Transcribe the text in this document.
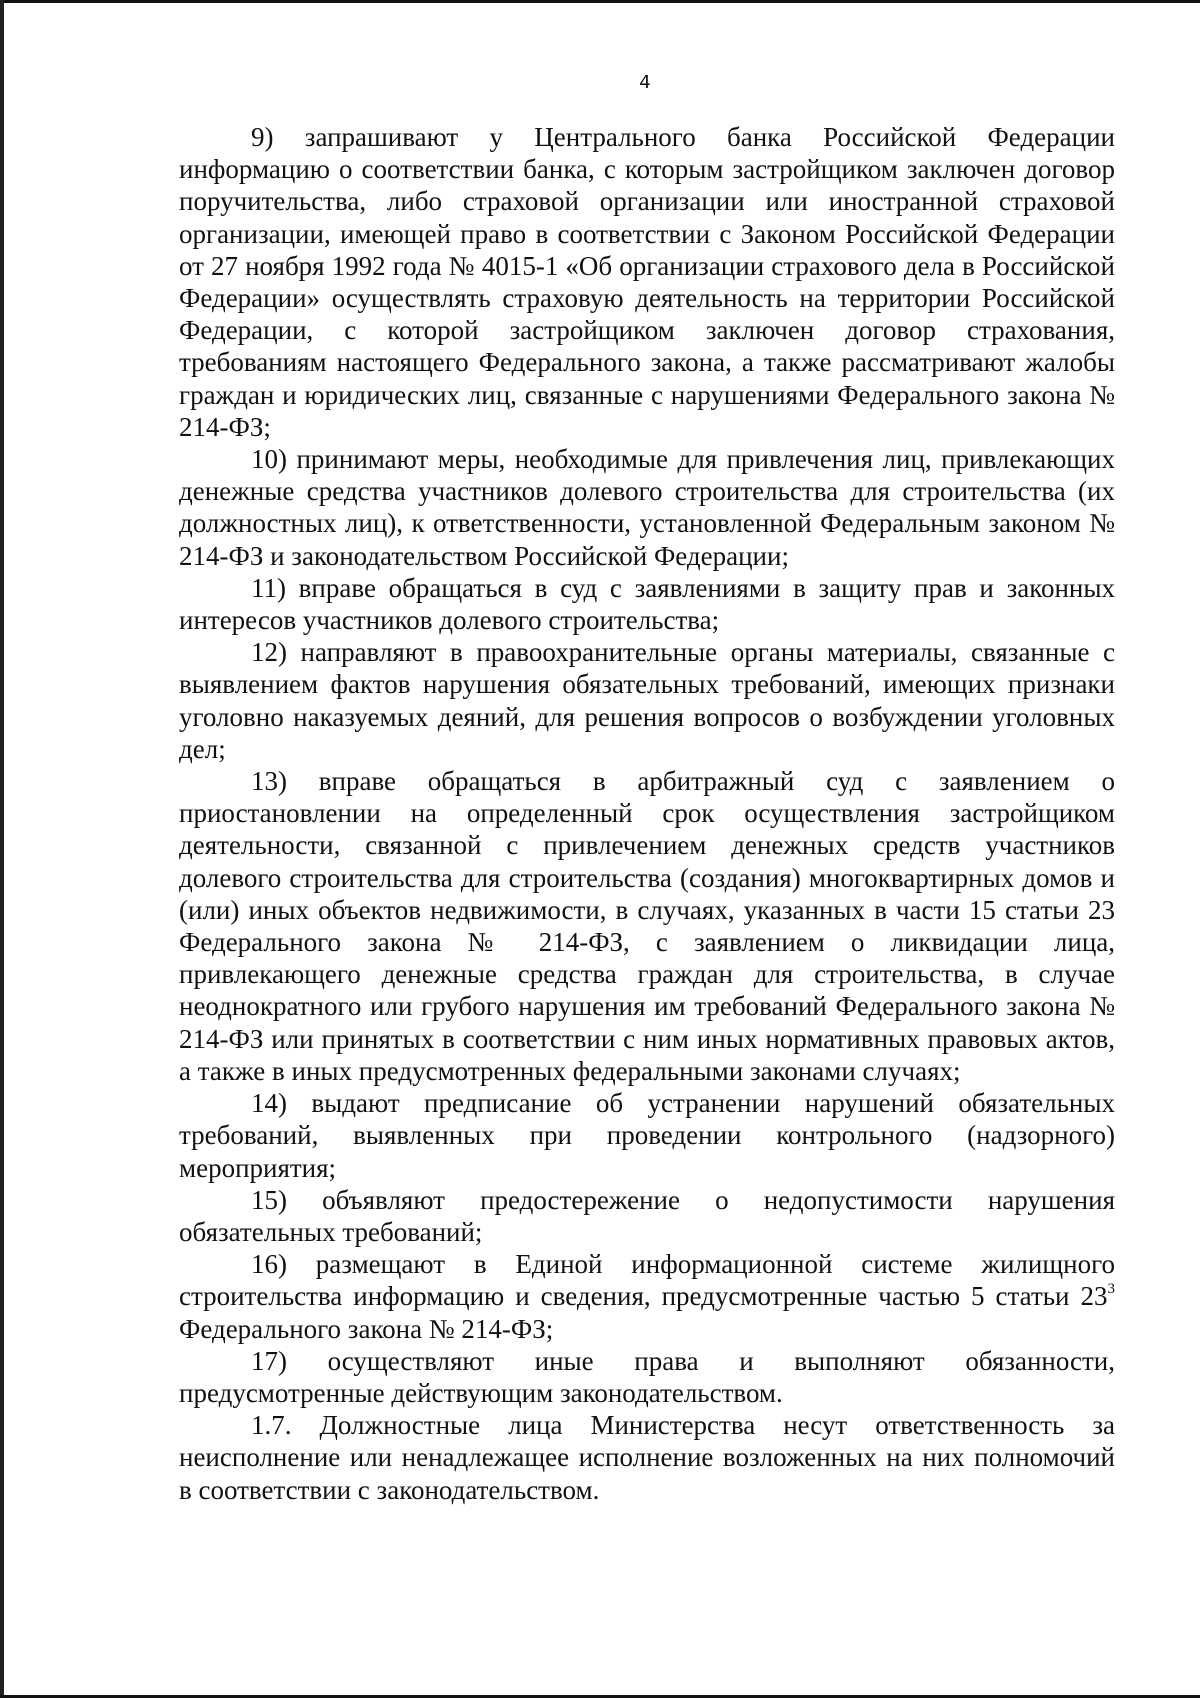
4

9) запрашивают у Центрального банка Российской Федерации информацию о соответствии банка, с которым застройщиком заключен договор поручительства, либо страховой организации или иностранной страховой организации, имеющей право в соответствии с Законом Российской Федерации от 27 ноября 1992 года № 4015-1 «Об организации страхового дела в Российской Федерации» осуществлять страховую деятельность на территории Российской Федерации, с которой застройщиком заключен договор страхования, требованиям настоящего Федерального закона, а также рассматривают жалобы граждан и юридических лиц, связанные с нарушениями Федерального закона № 214-ФЗ;

10) принимают меры, необходимые для привлечения лиц, привлекающих денежные средства участников долевого строительства для строительства (их должностных лиц), к ответственности, установленной Федеральным законом № 214-ФЗ и законодательством Российской Федерации;

11) вправе обращаться в суд с заявлениями в защиту прав и законных интересов участников долевого строительства;

12) направляют в правоохранительные органы материалы, связанные с выявлением фактов нарушения обязательных требований, имеющих признаки уголовно наказуемых деяний, для решения вопросов о возбуждении уголовных дел;

13) вправе обращаться в арбитражный суд с заявлением о приостановлении на определенный срок осуществления застройщиком деятельности, связанной с привлечением денежных средств участников долевого строительства для строительства (создания) многоквартирных домов и (или) иных объектов недвижимости, в случаях, указанных в части 15 статьи 23 Федерального закона № 214-ФЗ, с заявлением о ликвидации лица, привлекающего денежные средства граждан для строительства, в случае неоднократного или грубого нарушения им требований Федерального закона № 214-ФЗ или принятых в соответствии с ним иных нормативных правовых актов, а также в иных предусмотренных федеральными законами случаях;

14) выдают предписание об устранении нарушений обязательных требований, выявленных при проведении контрольного (надзорного) мероприятия;

15) объявляют предостережение о недопустимости нарушения обязательных требований;

16) размещают в Единой информационной системе жилищного строительства информацию и сведения, предусмотренные частью 5 статьи $23^3$ Федерального закона № 214-ФЗ;

17) осуществляют иные права и выполняют обязанности, предусмотренные действующим законодательством.

1.7. Должностные лица Министерства несут ответственность за неисполнение или ненадлежащее исполнение возложенных на них полномочий в соответствии с законодательством.
